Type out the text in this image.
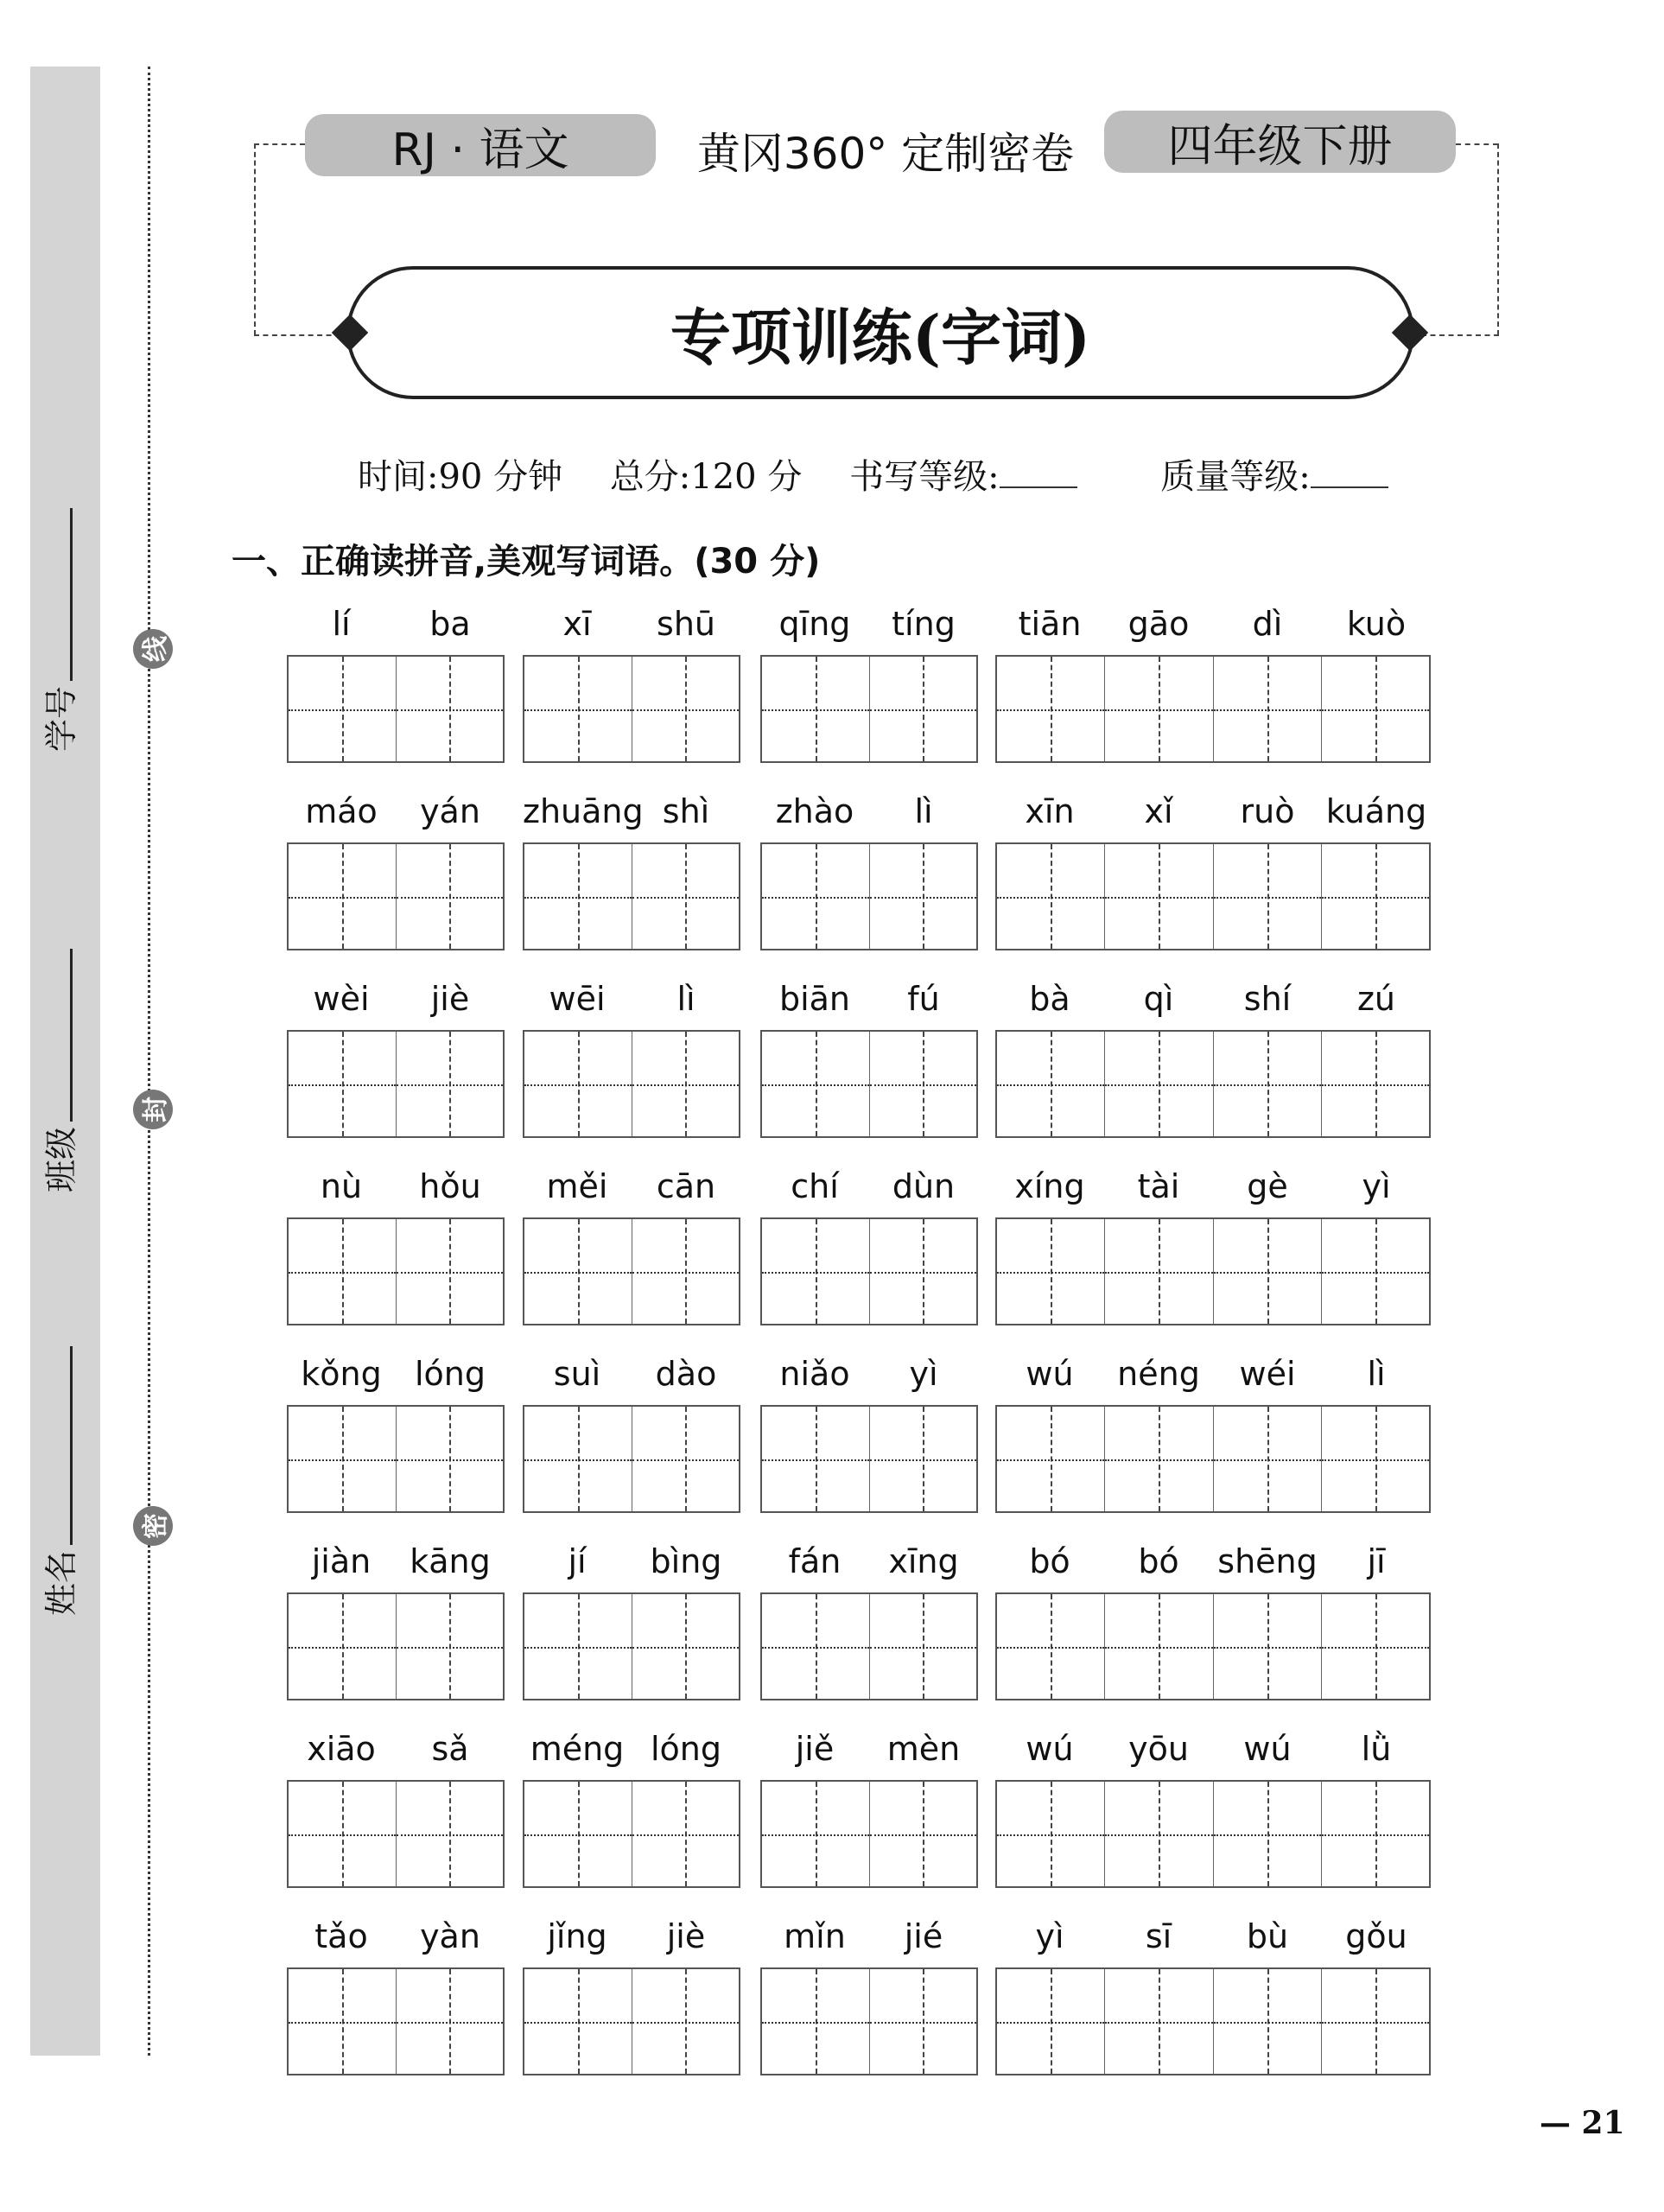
线
封
密
学号
班级
姓名
RJ · 语文	黄冈360° 定制密卷	四年级下册
专项训练(字词)
时间:90 分钟 总分:120 分 书写等级:	质量等级:
一、正确读拼音,美观写词语。(30 分)
lí	ba	xī	shū	qīng	tíng	tiān	gāo	dì	kuò
máo	yán	zhuāng shì	zhào	lì	xīn	xǐ	ruò kuáng
wèi	jiè	wēi	lì	biān	fú	bà	qì	shí	zú
nù	hǒu	měi	cān	chí	dùn	xíng	tài	gè	yì
kǒng	lóng	suì	dào	niǎo	yì	wú	néng	wéi	lì
jiàn	kāng	jí	bìng	fán	xīng	bó	bó	shēng	jī
xiāo	sǎ	méng lóng	jiě	mèn	wú	yōu	wú	lǜ
tǎo	yàn	jǐng	jiè	mǐn	jié	yì	sī	bù	gǒu
— 21
